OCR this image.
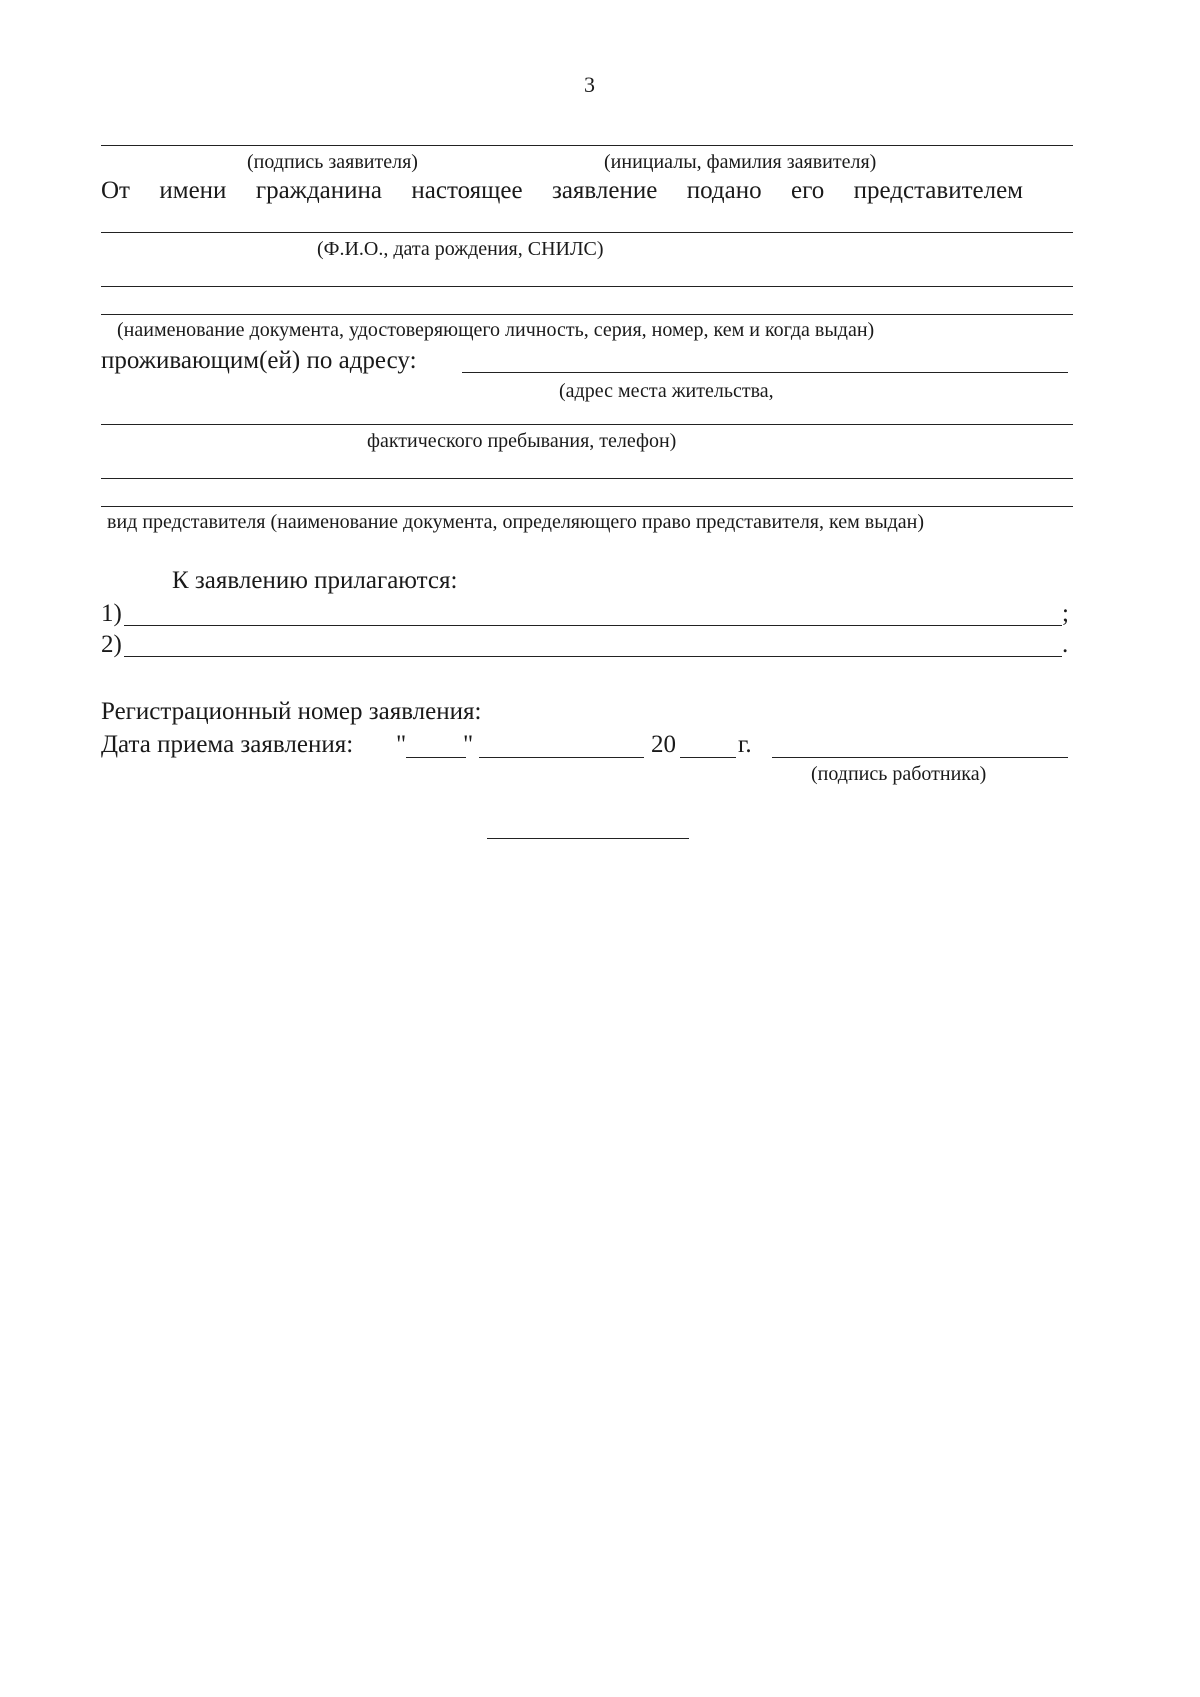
3
(подпись заявителя)	(инициалы, фамилия заявителя)
От имени гражданина настоящее заявление подано его представителем
(Ф.И.О., дата рождения, СНИЛС)
(наименование документа, удостоверяющего личность, серия, номер, кем и когда выдан)
проживающим(ей) по адресу:
(адрес места жительства,
фактического пребывания, телефон)
вид представителя (наименование документа, определяющего право представителя, кем выдан)
К заявлению прилагаются:
1)	;
2)	.
Регистрационный номер заявления:
Дата приема заявления: " "	20 г.
(подпись работника)
